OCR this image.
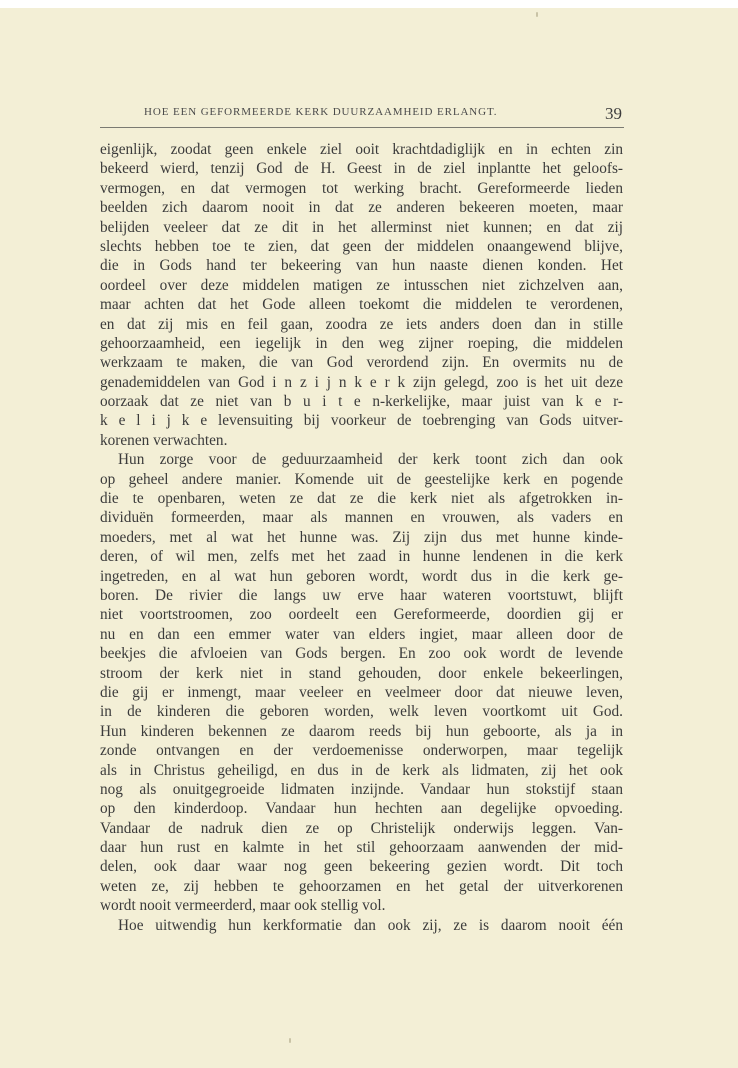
HOE EEN GEFORMEERDE KERK DUURZAAMHEID ERLANGT.	39
eigenlijk, zoodat geen enkele ziel ooit krachtdadiglijk en in echten zin
bekeerd wierd, tenzij God de H. Geest in de ziel inplantte het geloofs-
vermogen, en dat vermogen tot werking bracht. Gereformeerde lieden
beelden zich daarom nooit in dat ze anderen bekeeren moeten, maar
belijden veeleer dat ze dit in het allerminst niet kunnen; en dat zij
slechts hebben toe te zien, dat geen der middelen onaangewend blijve,
die in Gods hand ter bekeering van hun naaste dienen konden. Het
oordeel over deze middelen matigen ze intusschen niet zichzelven aan,
maar achten dat het Gode alleen toekomt die middelen te verordenen,
en dat zij mis en feil gaan, zoodra ze iets anders doen dan in stille
gehoorzaamheid, een iegelijk in den weg zijner roeping, die middelen
werkzaam te maken, die van God verordend zijn. En overmits nu de
genademiddelen van God i n z i j n k e r k zijn gelegd, zoo is het uit deze
oorzaak dat ze niet van b u i t e n-kerkelijke, maar juist van k e r-
k e l i j k e levensuiting bij voorkeur de toebrenging van Gods uitver-
korenen verwachten.
Hun zorge voor de geduurzaamheid der kerk toont zich dan ook
op geheel andere manier. Komende uit de geestelijke kerk en pogende
die te openbaren, weten ze dat ze die kerk niet als afgetrokken in-
dividuën formeerden, maar als mannen en vrouwen, als vaders en
moeders, met al wat het hunne was. Zij zijn dus met hunne kinde-
deren, of wil men, zelfs met het zaad in hunne lendenen in die kerk
ingetreden, en al wat hun geboren wordt, wordt dus in die kerk ge-
boren. De rivier die langs uw erve haar wateren voortstuwt, blijft
niet voortstroomen, zoo oordeelt een Gereformeerde, doordien gij er
nu en dan een emmer water van elders ingiet, maar alleen door de
beekjes die afvloeien van Gods bergen. En zoo ook wordt de levende
stroom der kerk niet in stand gehouden, door enkele bekeerlingen,
die gij er inmengt, maar veeleer en veelmeer door dat nieuwe leven,
in de kinderen die geboren worden, welk leven voortkomt uit God.
Hun kinderen bekennen ze daarom reeds bij hun geboorte, als ja in
zonde ontvangen en der verdoemenisse onderworpen, maar tegelijk
als in Christus geheiligd, en dus in de kerk als lidmaten, zij het ook
nog als onuitgegroeide lidmaten inzijnde. Vandaar hun stokstijf staan
op den kinderdoop. Vandaar hun hechten aan degelijke opvoeding.
Vandaar de nadruk dien ze op Christelijk onderwijs leggen. Van-
daar hun rust en kalmte in het stil gehoorzaam aanwenden der mid-
delen, ook daar waar nog geen bekeering gezien wordt. Dit toch
weten ze, zij hebben te gehoorzamen en het getal der uitverkorenen
wordt nooit vermeerderd, maar ook stellig vol.
Hoe uitwendig hun kerkformatie dan ook zij, ze is daarom nooit één
